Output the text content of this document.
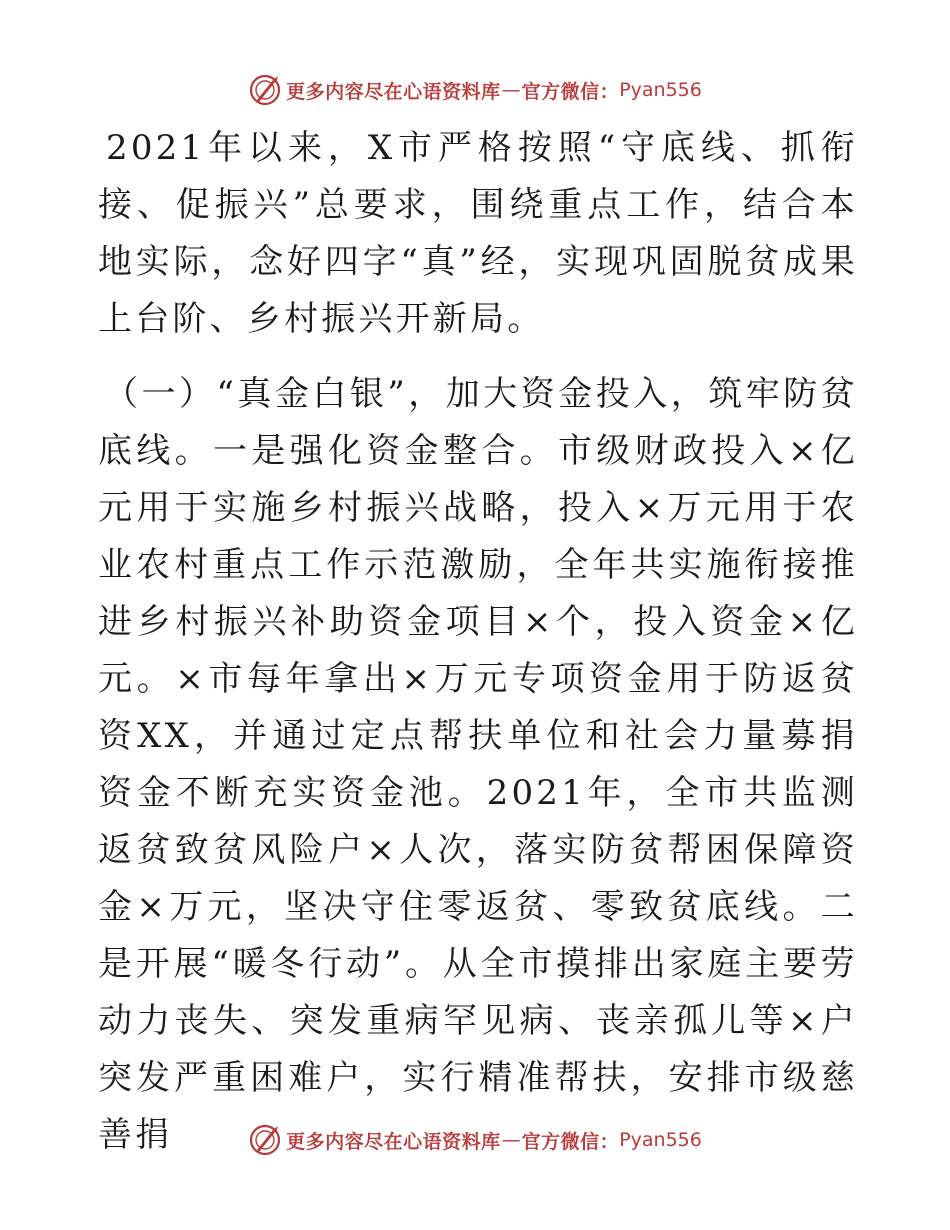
更多内容尽在心语资料库 — 官方微信： Pyan556

2021年以来，X市严格按照“守底线、抓衔接、促振兴”总要求，围绕重点工作，结合本地实际，念好四字“真”经，实现巩固脱贫成果上台阶、乡村振兴开新局。

（一）“真金白银”，加大资金投入，筑牢防贫底线。一是强化资金整合。市级财政投入×亿元用于实施乡村振兴战略，投入×万元用于农业农村重点工作示范激励，全年共实施衔接推进乡村振兴补助资金项目×个，投入资金×亿元。×市每年拿出×万元专项资金用于防返贫资XX，并通过定点帮扶单位和社会力量募捐资金不断充实资金池。2021年，全市共监测返贫致贫风险户×人次，落实防贫帮困保障资金×万元，坚决守住零返贫、零致贫底线。二是开展“暖冬行动”。从全市摸排出家庭主要劳动力丧失、突发重病罕见病、丧亲孤儿等×户突发严重困难户，实行精准帮扶，安排市级慈善捐	更多内容尽在心语资料库 — 官方微信： Pyan556
